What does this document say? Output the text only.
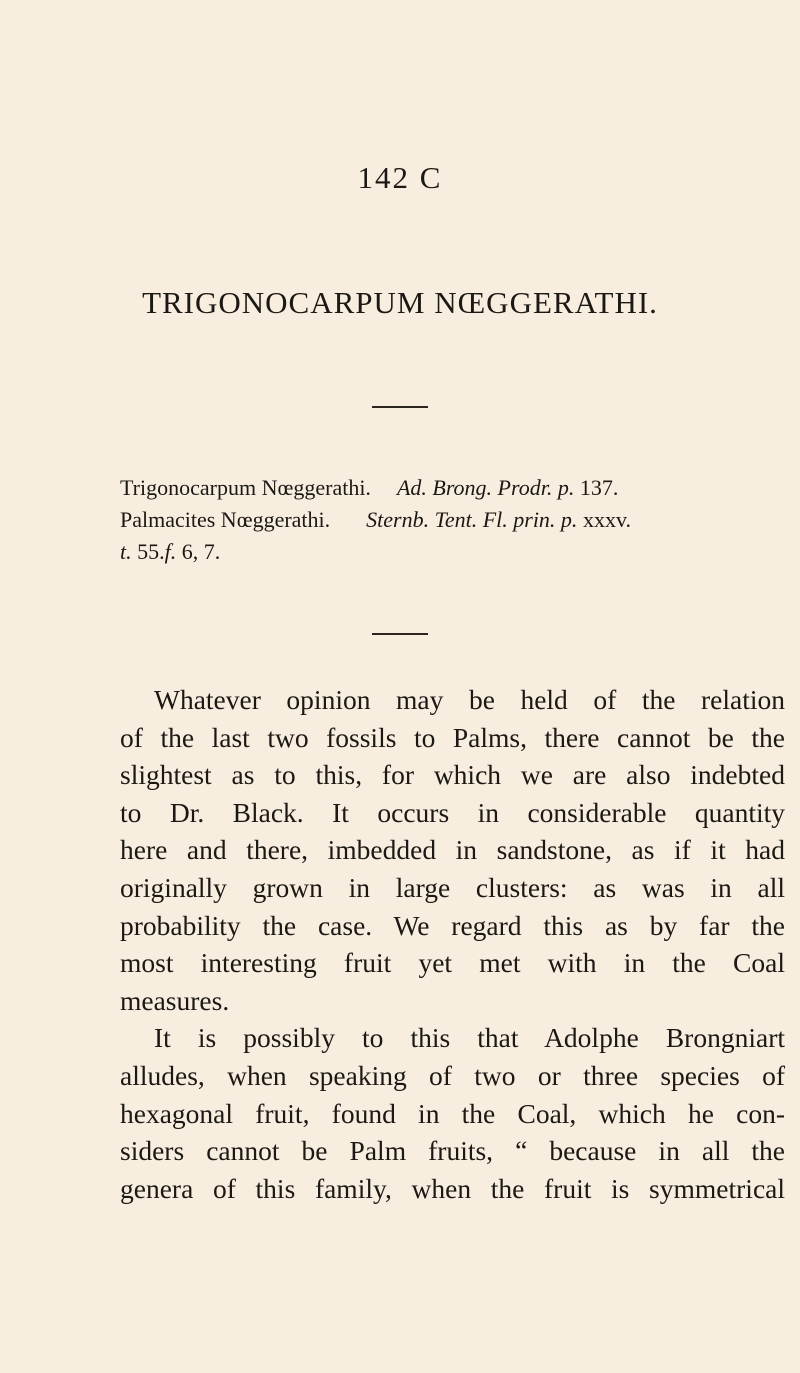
142 C
TRIGONOCARPUM NŒGGERATHI.
Trigonocarpum Nœggerathi. Ad. Brong. Prodr. p. 137.
Palmacites Nœggerathi. Sternb. Tent. Fl. prin. p. xxxv.
t. 55.f. 6, 7.
Whatever opinion may be held of the relation
of the last two fossils to Palms, there cannot be the
slightest as to this, for which we are also indebted
to Dr. Black. It occurs in considerable quantity
here and there, imbedded in sandstone, as if it had
originally grown in large clusters: as was in all
probability the case. We regard this as by far the
most interesting fruit yet met with in the Coal
measures.
It is possibly to this that Adolphe Brongniart
alludes, when speaking of two or three species of
hexagonal fruit, found in the Coal, which he con-
siders cannot be Palm fruits, “ because in all the
genera of this family, when the fruit is symmetrical
